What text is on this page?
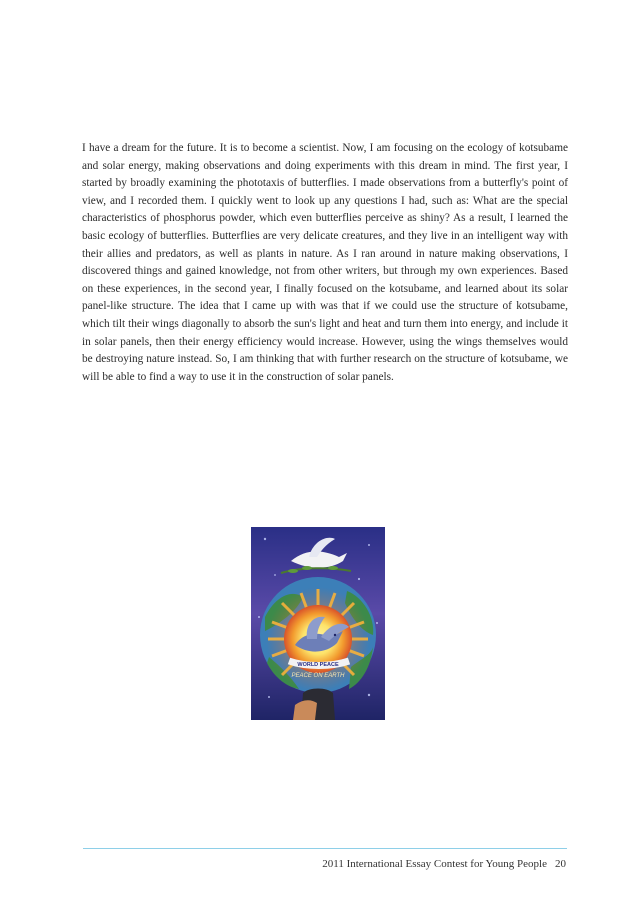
I have a dream for the future. It is to become a scientist. Now, I am focusing on the ecology of kotsubame and solar energy, making observations and doing experiments with this dream in mind. The first year, I started by broadly examining the phototaxis of butterflies. I made observations from a butterfly's point of view, and I recorded them. I quickly went to look up any questions I had, such as: What are the special characteristics of phosphorus powder, which even butterflies perceive as shiny? As a result, I learned the basic ecology of butterflies. Butterflies are very delicate creatures, and they live in an intelligent way with their allies and predators, as well as plants in nature. As I ran around in nature making observations, I discovered things and gained knowledge, not from other writers, but through my own experiences. Based on these experiences, in the second year, I finally focused on the kotsubame, and learned about its solar panel-like structure. The idea that I came up with was that if we could use the structure of kotsubame, which tilt their wings diagonally to absorb the sun's light and heat and turn them into energy, and include it in solar panels, then their energy efficiency would increase. However, using the wings themselves would be destroying nature instead. So, I am thinking that with further research on the structure of kotsubame, we will be able to find a way to use it in the construction of solar panels.

WORLD PEACE
PEACE ON EARTH
2011 International Essay Contest for Young People 20
